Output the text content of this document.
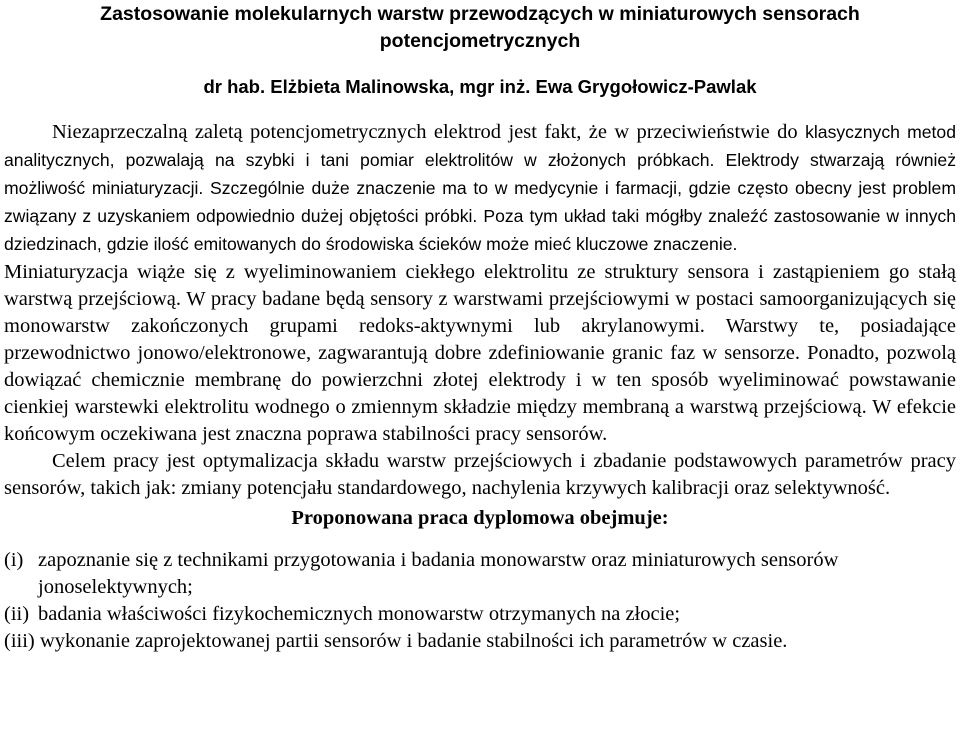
Zastosowanie molekularnych warstw przewodzących w miniaturowych sensorach potencjometrycznych

dr hab. Elżbieta Malinowska, mgr inż. Ewa Grygołowicz-Pawlak

Niezaprzeczalną zaletą potencjometrycznych elektrod jest fakt, że w przeciwieństwie do klasycznych metod analitycznych, pozwalają na szybki i tani pomiar elektrolitów w złożonych próbkach. Elektrody stwarzają również możliwość miniaturyzacji. Szczególnie duże znaczenie ma to w medycynie i farmacji, gdzie często obecny jest problem związany z uzyskaniem odpowiednio dużej objętości próbki. Poza tym układ taki mógłby znaleźć zastosowanie w innych dziedzinach, gdzie ilość emitowanych do środowiska ścieków może mieć kluczowe znaczenie.

Miniaturyzacja wiąże się z wyeliminowaniem ciekłego elektrolitu ze struktury sensora i zastąpieniem go stałą warstwą przejściową. W pracy badane będą sensory z warstwami przejściowymi w postaci samoorganizujących się monowarstw zakończonych grupami redoks-aktywnymi lub akrylanowymi. Warstwy te, posiadające przewodnictwo jonowo/elektronowe, zagwarantują dobre zdefiniowanie granic faz w sensorze. Ponadto, pozwolą dowiązać chemicznie membranę do powierzchni złotej elektrody i w ten sposób wyeliminować powstawanie cienkiej warstewki elektrolitu wodnego o zmiennym składzie między membraną a warstwą przejściową. W efekcie końcowym oczekiwana jest znaczna poprawa stabilności pracy sensorów.

Celem pracy jest optymalizacja składu warstw przejściowych i zbadanie podstawowych parametrów pracy sensorów, takich jak: zmiany potencjału standardowego, nachylenia krzywych kalibracji oraz selektywność.

Proponowana praca dyplomowa obejmuje:

(i) zapoznanie się z technikami przygotowania i badania monowarstw oraz miniaturowych sensorów jonoselektywnych;
(ii) badania właściwości fizykochemicznych monowarstw otrzymanych na złocie;
(iii) wykonanie zaprojektowanej partii sensorów i badanie stabilności ich parametrów w czasie.
